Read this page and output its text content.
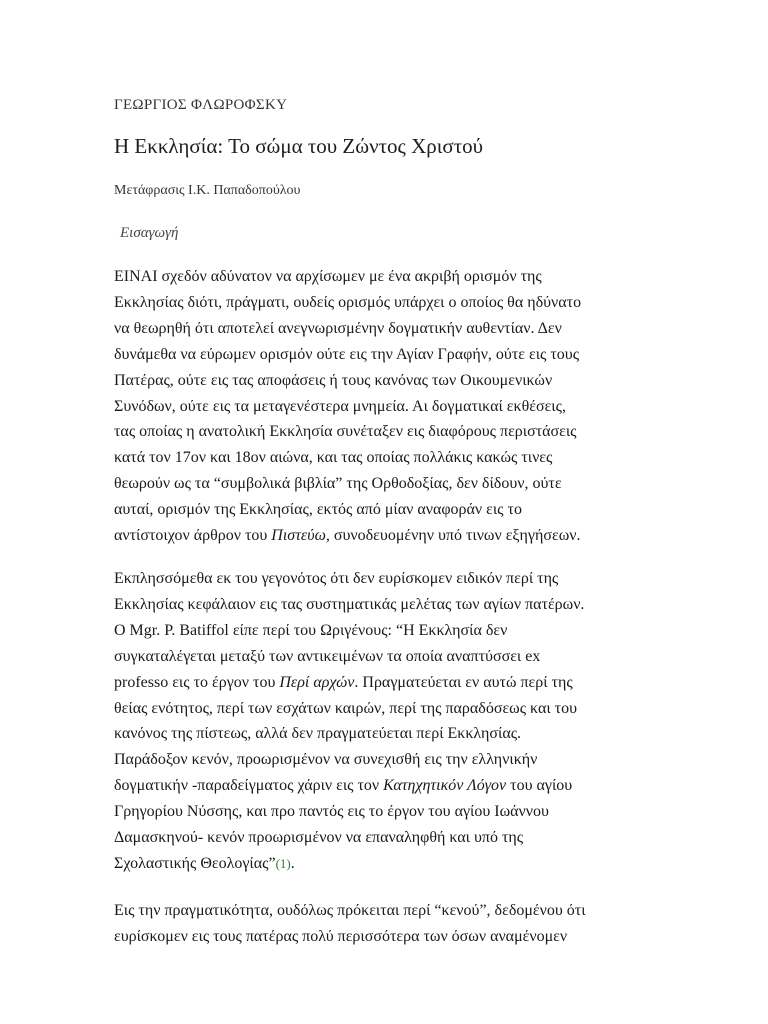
ΓΕΩΡΓΙΟΣ ΦΛΩΡΟΦΣΚΥ

Η Εκκλησία: Το σώμα του Ζώντος Χριστού

Μετάφρασις Ι.Κ. Παπαδοπούλου

Εισαγωγή

ΕΙΝΑΙ σχεδόν αδύνατον να αρχίσωμεν με ένα ακριβή ορισμόν της
Εκκλησίας διότι, πράγματι, ουδείς ορισμός υπάρχει ο οποίος θα ηδύνατο
να θεωρηθή ότι αποτελεί ανεγνωρισμένην δογματικήν αυθεντίαν. Δεν
δυνάμεθα να εύρωμεν ορισμόν ούτε εις την Αγίαν Γραφήν, ούτε εις τους
Πατέρας, ούτε εις τας αποφάσεις ή τους κανόνας των Οικουμενικών
Συνόδων, ούτε εις τα μεταγενέστερα μνημεία. Αι δογματικαί εκθέσεις,
τας οποίας η ανατολική Εκκλησία συνέταξεν εις διαφόρους περιστάσεις
κατά τον 17ον και 18ον αιώνα, και τας οποίας πολλάκις κακώς τινες
θεωρούν ως τα “συμβολικά βιβλία” της Ορθοδοξίας, δεν δίδουν, ούτε
αυταί, ορισμόν της Εκκλησίας, εκτός από μίαν αναφοράν εις το
αντίστοιχον άρθρον του Πιστεύω, συνοδευομένην υπό τινων εξηγήσεων.

Εκπλησσόμεθα εκ του γεγονότος ότι δεν ευρίσκομεν ειδικόν περί της
Εκκλησίας κεφάλαιον εις τας συστηματικάς μελέτας των αγίων πατέρων.
Ο Mgr. P. Batiffol είπε περί του Ωριγένους: “Η Εκκλησία δεν
συγκαταλέγεται μεταξύ των αντικειμένων τα οποία αναπτύσσει ex
professo εις το έργον του Περί αρχών. Πραγματεύεται εν αυτώ περί της
θείας ενότητος, περί των εσχάτων καιρών, περί της παραδόσεως και του
κανόνος της πίστεως, αλλά δεν πραγματεύεται περί Εκκλησίας.
Παράδοξον κενόν, προωρισμένον να συνεχισθή εις την ελληνικήν
δογματικήν -παραδείγματος χάριν εις τον Κατηχητικόν Λόγον του αγίου
Γρηγορίου Νύσσης, και προ παντός εις το έργον του αγίου Ιωάννου
Δαμασκηνού- κενόν προωρισμένον να επαναληφθή και υπό της
Σχολαστικής Θεολογίας”(1).

Εις την πραγματικότητα, ουδόλως πρόκειται περί “κενού”, δεδομένου ότι
ευρίσκομεν εις τους πατέρας πολύ περισσότερα των όσων αναμένομεν
